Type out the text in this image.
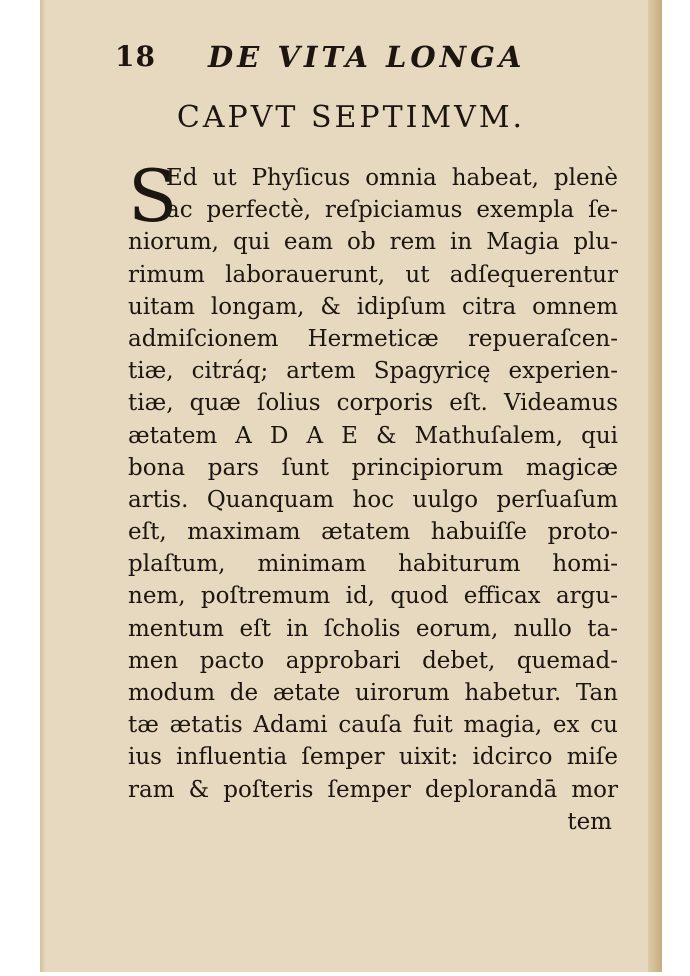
18 DE VITA LONGA
CAPVT SEPTIMVM.
S
Ed ut Phyſicus omnia habeat, plenè
ac perfectè, reſpiciamus exempla ſe-
niorum, qui eam ob rem in Magia plu-
rimum laborauerunt, ut adſequerentur
uitam longam, & idipſum citra omnem
admiſcionem Hermeticæ repueraſcen-
tiæ, citráq; artem Spagyricę experien-
tiæ, quæ ſolius corporis eſt. Videamus
ætatem A D A E & Mathuſalem, qui
bona pars ſunt principiorum magicæ
artis. Quanquam hoc uulgo perſuaſum
eſt, maximam ætatem habuiſſe proto-
plaſtum, minimam habiturum homi-
nem, poſtremum id, quod efficax argu-
mentum eſt in ſcholis eorum, nullo ta-
men pacto approbari debet, quemad-
modum de ætate uirorum habetur. Tan
tæ ætatis Adami cauſa fuit magia, ex cu
ius influentia ſemper uixit: idcirco miſe
ram & poſteris ſemper deplorandā mor
tem
